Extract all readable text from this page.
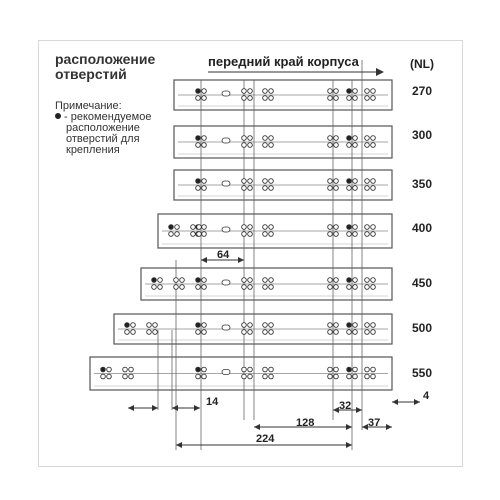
расположение
отверстий
Примечание:
- рекомендуемое
расположение
отверстий для
крепления
передний край корпуса	(NL)
270
300
350
400
450
500
550
64
14	32
4
128	37
224
